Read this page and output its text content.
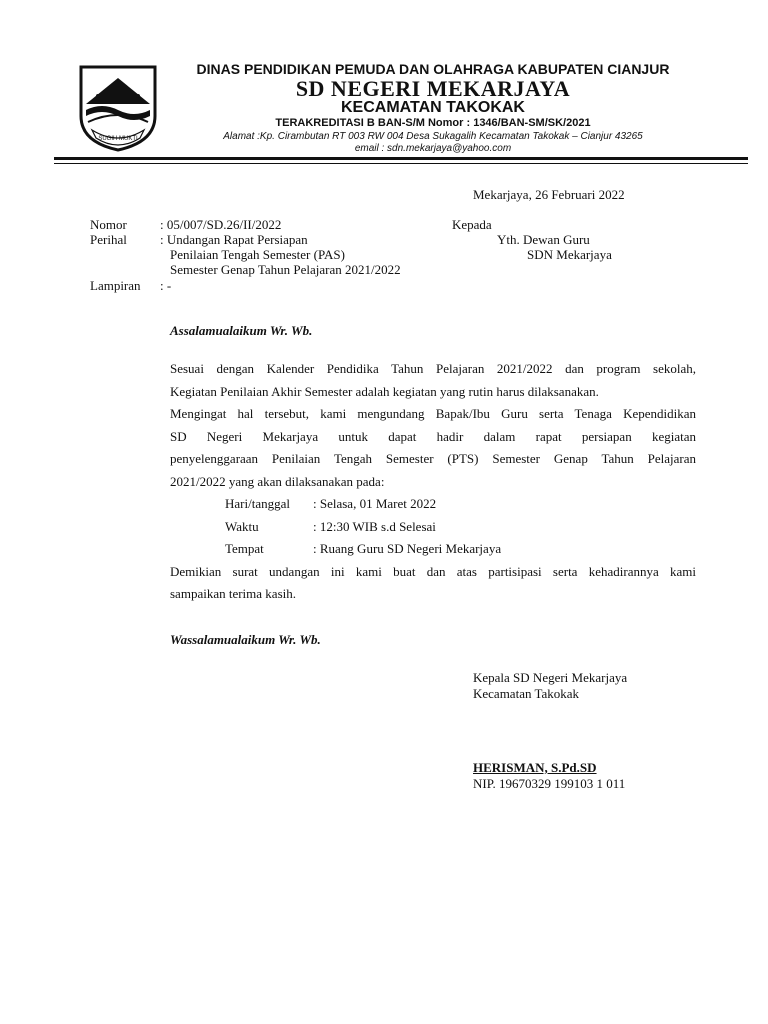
SUGIH MUKTI
DINAS PENDIDIKAN PEMUDA DAN OLAHRAGA KABUPATEN CIANJUR
SD NEGERI MEKARJAYA
KECAMATAN TAKOKAK
TERAKREDITASI B BAN-S/M Nomor : 1346/BAN-SM/SK/2021
Alamat :Kp. Cirambutan RT 003 RW 004 Desa Sukagalih Kecamatan Takokak – Cianjur 43265
email : sdn.mekarjaya@yahoo.com
Mekarjaya, 26 Februari 2022
Nomor	: 05/007/SD.26/II/2022
Perihal	: Undangan Rapat Persiapan
Penilaian Tengah Semester (PAS)
Semester Genap Tahun Pelajaran 2021/2022
Lampiran : -
Kepada
Yth. Dewan Guru
SDN Mekarjaya
Assalamualaikum Wr. Wb.
Sesuai dengan Kalender Pendidika Tahun Pelajaran 2021/2022 dan program sekolah,
Kegiatan Penilaian Akhir Semester adalah kegiatan yang rutin harus dilaksanakan.
Mengingat hal tersebut, kami mengundang Bapak/Ibu Guru serta Tenaga Kependidikan
SD Negeri Mekarjaya untuk dapat hadir dalam rapat persiapan kegiatan
penyelenggaraan Penilaian Tengah Semester (PTS) Semester Genap Tahun Pelajaran
2021/2022 yang akan dilaksanakan pada:
Hari/tanggal : Selasa, 01 Maret 2022
Waktu	: 12:30 WIB s.d Selesai
Tempat	: Ruang Guru SD Negeri Mekarjaya
Demikian surat undangan ini kami buat dan atas partisipasi serta kehadirannya kami
sampaikan terima kasih.
Wassalamualaikum Wr. Wb.
Kepala SD Negeri Mekarjaya
Kecamatan Takokak
HERISMAN, S.Pd.SD
NIP. 19670329 199103 1 011
